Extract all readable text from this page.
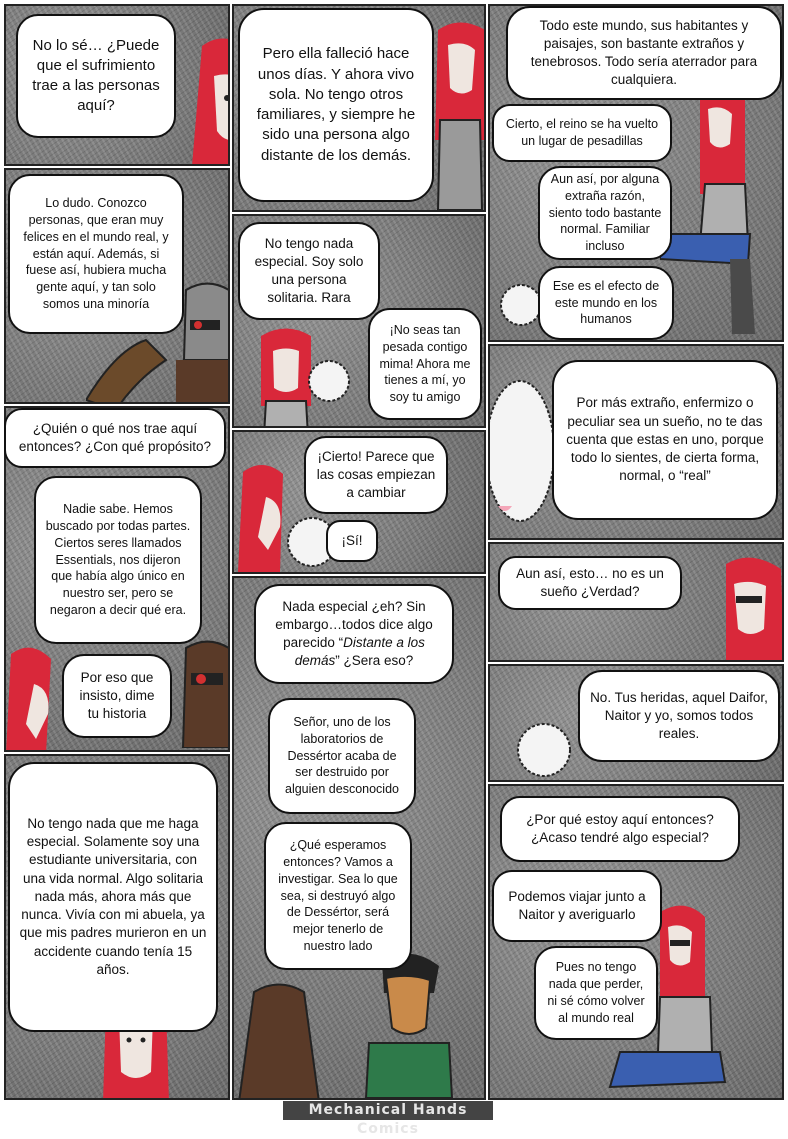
No lo sé… ¿Puede que el sufrimiento trae a las personas aquí?
Lo dudo. Conozco personas, que eran muy felices en el mundo real, y están aquí. Además, si fuese así, hubiera mucha gente aquí, y tan solo somos una minoría
¿Quién o qué nos trae aquí entonces? ¿Con qué propósito?
Nadie sabe. Hemos buscado por todas partes. Ciertos seres llamados Essentials, nos dijeron que había algo único en nuestro ser, pero se negaron a decir qué era.
Por eso que insisto, dime tu historia
No tengo nada que me haga especial. Solamente soy una estudiante universitaria, con una vida normal. Algo solitaria nada más, ahora más que nunca. Vivía con mi abuela, ya que mis padres murieron en un accidente cuando tenía 15 años.
Pero ella falleció hace unos días. Y ahora vivo sola. No tengo otros familiares, y siempre he sido una persona algo distante de los demás.
No tengo nada especial. Soy solo una persona solitaria. Rara
¡No seas tan pesada contigo mima! Ahora me tienes a mí, yo soy tu amigo
¡Cierto! Parece que las cosas empiezan a cambiar
¡Sí!
Nada especial ¿eh? Sin embargo…todos dice algo parecido “Distante a los demás” ¿Sera eso?
Señor, uno de los laboratorios de Dessértor acaba de ser destruido por alguien desconocido
¿Qué esperamos entonces? Vamos a investigar. Sea lo que sea, si destruyó algo de Dessértor, será mejor tenerlo de nuestro lado
Todo este mundo, sus habitantes y paisajes, son bastante extraños y tenebrosos. Todo sería aterrador para cualquiera.
Cierto, el reino se ha vuelto un lugar de pesadillas
Aun así, por alguna extraña razón, siento todo bastante normal. Familiar incluso
Ese es el efecto de este mundo en los humanos
Por más extraño, enfermizo o peculiar sea un sueño, no te das cuenta que estas en uno, porque todo lo sientes, de cierta forma, normal, o “real”
Aun así, esto… no es un sueño ¿Verdad?
No. Tus heridas, aquel Daifor, Naitor y yo, somos todos reales.
¿Por qué estoy aquí entonces? ¿Acaso tendré algo especial?
Podemos viajar junto a Naitor y averiguarlo
Pues no tengo nada que perder, ni sé cómo volver al mundo real
Mechanical Hands Comics
